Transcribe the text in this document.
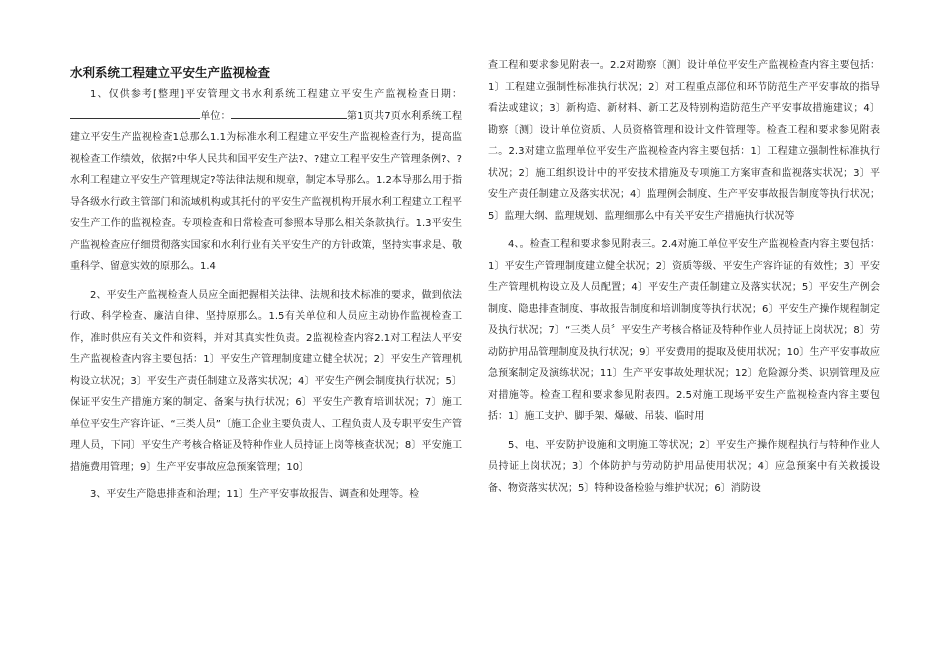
水利系统工程建立平安生产监视检查

1、仅供参考[整理]平安管理文书水利系统工程建立平安生产监视检查日期：单位：	第1页共7页水利系统工程建立平安生产监视检查1总那么1.1为标准水利工程建立平安生产监视检查行为，提高监视检查工作绩效，依据?中华人民共和国平安生产法?、?建立工程平安生产管理条例?、?水利工程建立平安生产管理规定?等法律法规和规章，制定本导那么。1.2本导那么用于指导各级水行政主管部门和流域机构或其托付的平安生产监视机构开展水利工程建立工程平安生产工作的监视检查。专项检查和日常检查可参照本导那么相关条款执行。1.3平安生产监视检查应仔细贯彻落实国家和水利行业有关平安生产的方针政策，坚持实事求是、敬重科学、留意实效的原那么。1.4

2、平安生产监视检查人员应全面把握相关法律、法规和技术标准的要求，做到依法行政、科学检查、廉洁自律、坚持原那么。1.5有关单位和人员应主动协作监视检查工作，准时供应有关文件和资料，并对其真实性负责。2监视检查内容2.1对工程法人平安生产监视检查内容主要包括：1〕平安生产管理制度建立健全状况；2〕平安生产管理机构设立状况；3〕平安生产责任制建立及落实状况；4〕平安生产例会制度执行状况；5〕保证平安生产措施方案的制定、备案与执行状况；6〕平安生产教育培训状况；7〕施工单位平安生产容许证、“三类人员”〔施工企业主要负责人、工程负责人及专职平安生产管理人员，下同〕平安生产考核合格证及特种作业人员持证上岗等核查状况；8〕平安施工措施费用管理；9〕生产平安事故应急预案管理；10〕

3、平安生产隐患排查和治理；11〕生产平安事故报告、调查和处理等。检

查工程和要求参见附表一。2.2对勘察〔测〕设计单位平安生产监视检查内容主要包括：1〕工程建立强制性标准执行状况；2〕对工程重点部位和环节防范生产平安事故的指导看法或建议；3〕新构造、新材料、新工艺及特别构造防范生产平安事故措施建议；4〕勘察〔测〕设计单位资质、人员资格管理和设计文件管理等。检查工程和要求参见附表二。2.3对建立监理单位平安生产监视检查内容主要包括：1〕工程建立强制性标准执行状况；2〕施工组织设计中的平安技术措施及专项施工方案审查和监视落实状况；3〕平安生产责任制建立及落实状况；4〕监理例会制度、生产平安事故报告制度等执行状况；5〕监理大纲、监理规划、监理细那么中有关平安生产措施执行状况等

4、。检查工程和要求参见附表三。2.4对施工单位平安生产监视检查内容主要包括：1〕平安生产管理制度建立健全状况；2〕资质等级、平安生产容许证的有效性；3〕平安生产管理机构设立及人员配置；4〕平安生产责任制建立及落实状况；5〕平安生产例会制度、隐患排查制度、事故报告制度和培训制度等执行状况；6〕平安生产操作规程制定及执行状况；7〕“三类人员〞平安生产考核合格证及特种作业人员持证上岗状况；8〕劳动防护用品管理制度及执行状况；9〕平安费用的提取及使用状况；10〕生产平安事故应急预案制定及演练状况；11〕生产平安事故处理状况；12〕危险源分类、识别管理及应对措施等。检查工程和要求参见附表四。2.5对施工现场平安生产监视检查内容主要包括：1〕施工支护、脚手架、爆破、吊装、临时用

5、电、平安防护设施和文明施工等状况；2〕平安生产操作规程执行与特种作业人员持证上岗状况；3〕个体防护与劳动防护用品使用状况；4〕应急预案中有关救援设备、物资落实状况；5〕特种设备检验与维护状况；6〕消防设
